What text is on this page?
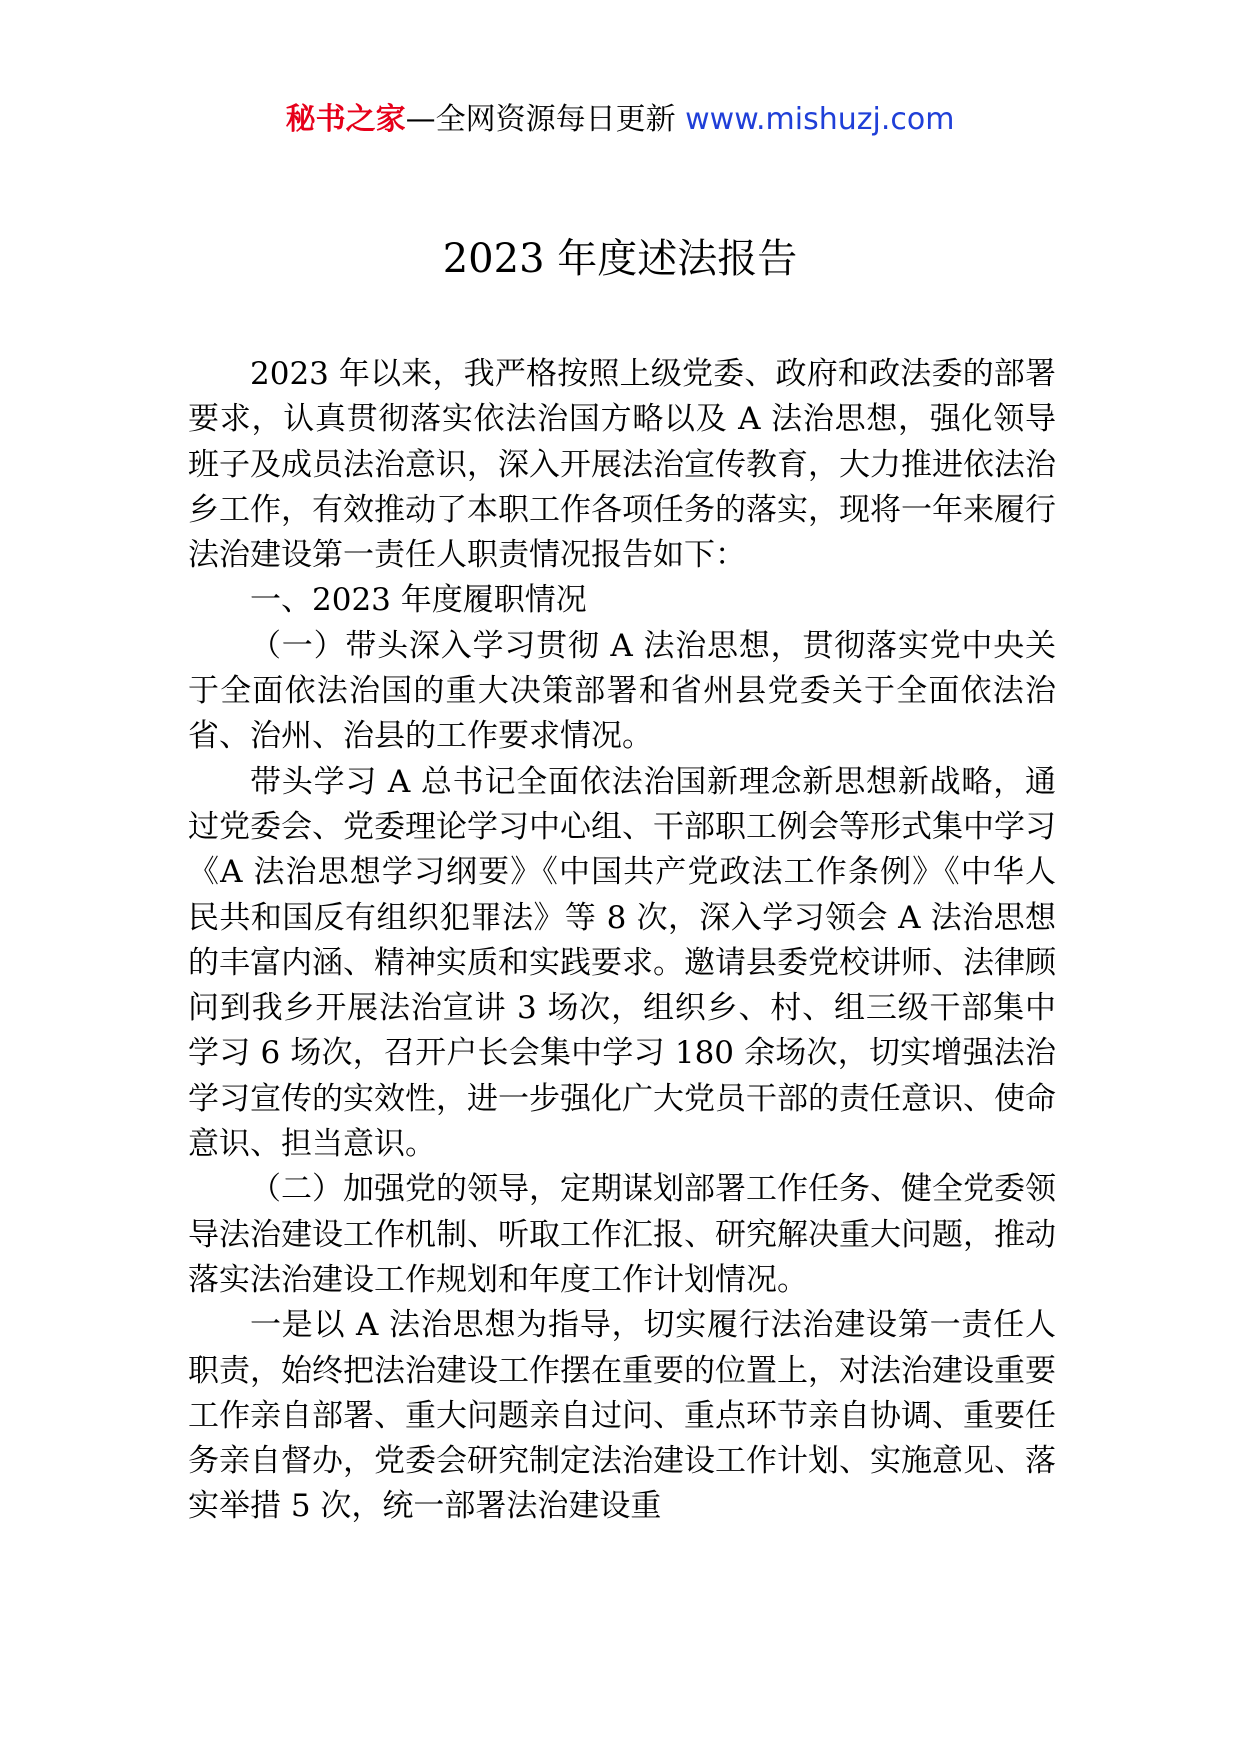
秘书之家—全网资源每日更新 www.mishuzj.com
2023 年度述法报告

2023 年以来，我严格按照上级党委、政府和政法委的部署要求，认真贯彻落实依法治国方略以及 A 法治思想，强化领导班子及成员法治意识，深入开展法治宣传教育，大力推进依法治乡工作，有效推动了本职工作各项任务的落实，现将一年来履行法治建设第一责任人职责情况报告如下：

一、2023 年度履职情况

（一）带头深入学习贯彻 A 法治思想，贯彻落实党中央关于全面依法治国的重大决策部署和省州县党委关于全面依法治省、治州、治县的工作要求情况。

带头学习 A 总书记全面依法治国新理念新思想新战略，通过党委会、党委理论学习中心组、干部职工例会等形式集中学习《A 法治思想学习纲要》《中国共产党政法工作条例》《中华人民共和国反有组织犯罪法》等 8 次，深入学习领会 A 法治思想的丰富内涵、精神实质和实践要求。邀请县委党校讲师、法律顾问到我乡开展法治宣讲 3 场次，组织乡、村、组三级干部集中学习 6 场次，召开户长会集中学习 180 余场次，切实增强法治学习宣传的实效性，进一步强化广大党员干部的责任意识、使命意识、担当意识。

（二）加强党的领导，定期谋划部署工作任务、健全党委领导法治建设工作机制、听取工作汇报、研究解决重大问题，推动落实法治建设工作规划和年度工作计划情况。

一是以 A 法治思想为指导，切实履行法治建设第一责任人职责，始终把法治建设工作摆在重要的位置上，对法治建设重要工作亲自部署、重大问题亲自过问、重点环节亲自协调、重要任务亲自督办，党委会研究制定法治建设工作计划、实施意见、落实举措 5 次，统一部署法治建设重
